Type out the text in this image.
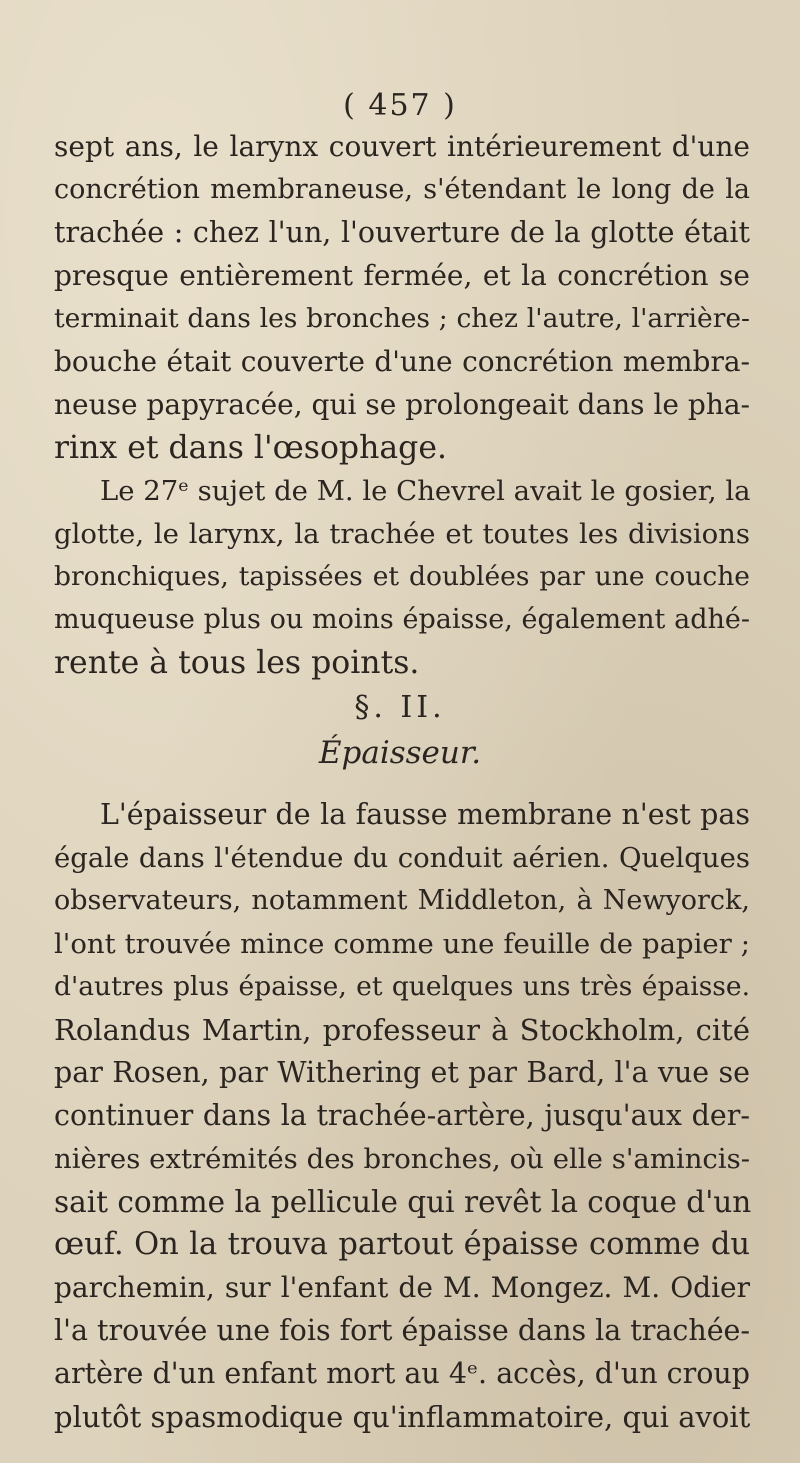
( 457 )
sept ans, le larynx couvert intérieurement d'une
concrétion membraneuse, s'étendant le long de la
trachée : chez l'un, l'ouverture de la glotte était
presque entièrement fermée, et la concrétion se
terminait dans les bronches ; chez l'autre, l'arrière-
bouche était couverte d'une concrétion membra-
neuse papyracée, qui se prolongeait dans le pha-
rinx et dans l'œsophage.
Le 27ᵉ sujet de M. le Chevrel avait le gosier, la
glotte, le larynx, la trachée et toutes les divisions
bronchiques, tapissées et doublées par une couche
muqueuse plus ou moins épaisse, également adhé-
rente à tous les points.
§. II.
Épaisseur.
L'épaisseur de la fausse membrane n'est pas
égale dans l'étendue du conduit aérien. Quelques
observateurs, notamment Middleton, à Newyorck,
l'ont trouvée mince comme une feuille de papier ;
d'autres plus épaisse, et quelques uns très épaisse.
Rolandus Martin, professeur à Stockholm, cité
par Rosen, par Withering et par Bard, l'a vue se
continuer dans la trachée-artère, jusqu'aux der-
nières extrémités des bronches, où elle s'amincis-
sait comme la pellicule qui revêt la coque d'un
œuf. On la trouva partout épaisse comme du
parchemin, sur l'enfant de M. Mongez. M. Odier
l'a trouvée une fois fort épaisse dans la trachée-
artère d'un enfant mort au 4ᵉ. accès, d'un croup
plutôt spasmodique qu'inflammatoire, qui avoit
